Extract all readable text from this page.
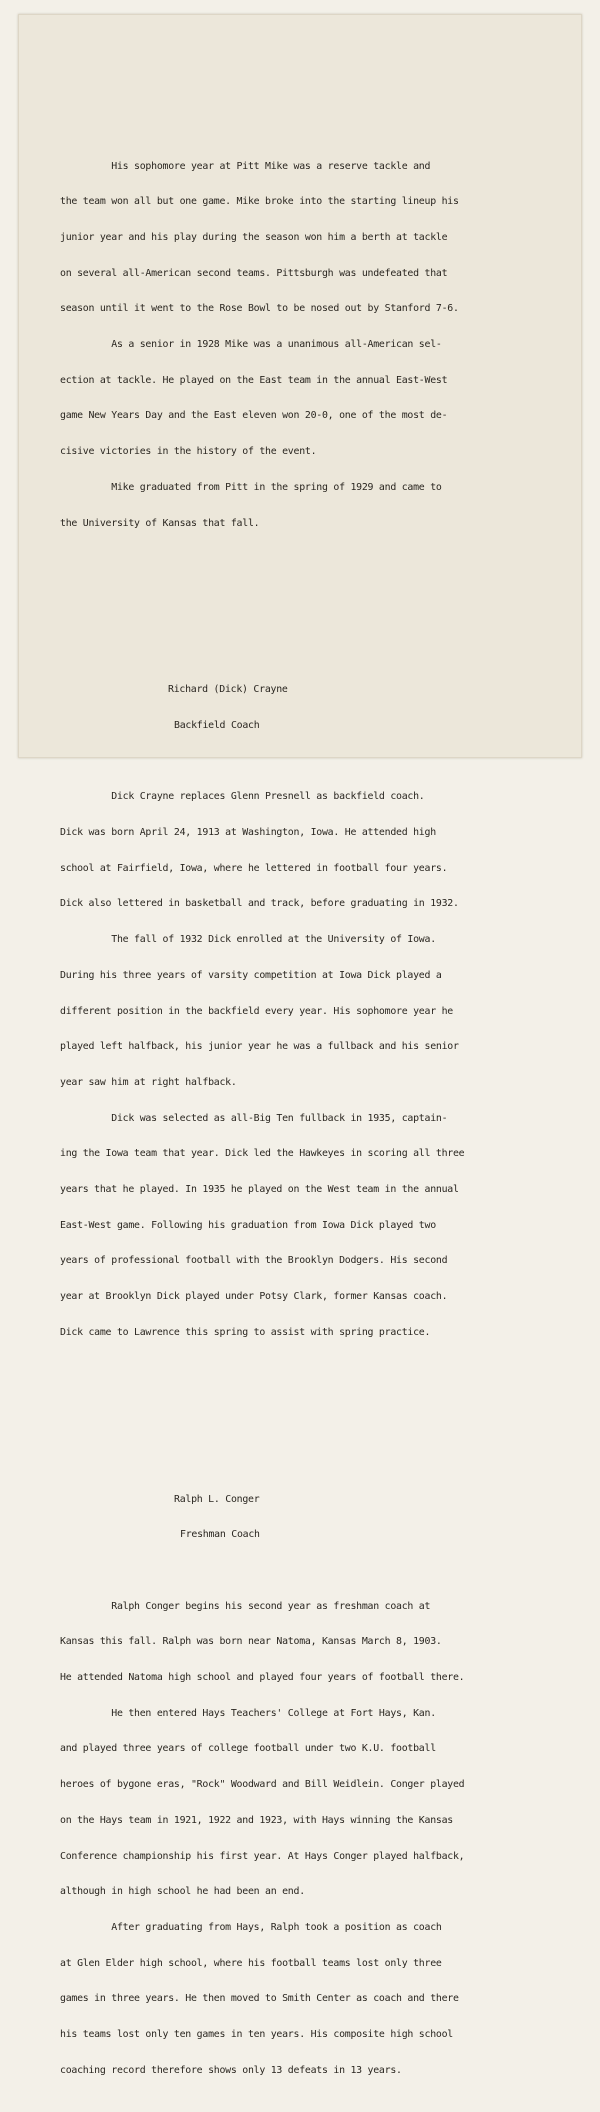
His sophomore year at Pitt Mike was a reserve tackle and

the team won all but one game. Mike broke into the starting lineup his

junior year and his play during the season won him a berth at tackle

on several all-American second teams. Pittsburgh was undefeated that

season until it went to the Rose Bowl to be nosed out by Stanford 7-6.

As a senior in 1928 Mike was a unanimous all-American sel-

ection at tackle. He played on the East team in the annual East-West

game New Years Day and the East eleven won 20-0, one of the most de-

cisive victories in the history of the event.

Mike graduated from Pitt in the spring of 1929 and came to

the University of Kansas that fall.

Richard (Dick) Crayne

Backfield Coach

Dick Crayne replaces Glenn Presnell as backfield coach.

Dick was born April 24, 1913 at Washington, Iowa. He attended high

school at Fairfield, Iowa, where he lettered in football four years.

Dick also lettered in basketball and track, before graduating in 1932.

The fall of 1932 Dick enrolled at the University of Iowa.

During his three years of varsity competition at Iowa Dick played a

different position in the backfield every year. His sophomore year he

played left halfback, his junior year he was a fullback and his senior

year saw him at right halfback.

Dick was selected as all-Big Ten fullback in 1935, captain-

ing the Iowa team that year. Dick led the Hawkeyes in scoring all three

years that he played. In 1935 he played on the West team in the annual

East-West game. Following his graduation from Iowa Dick played two

years of professional football with the Brooklyn Dodgers. His second

year at Brooklyn Dick played under Potsy Clark, former Kansas coach.

Dick came to Lawrence this spring to assist with spring practice.

Ralph L. Conger

Freshman Coach

Ralph Conger begins his second year as freshman coach at

Kansas this fall. Ralph was born near Natoma, Kansas March 8, 1903.

He attended Natoma high school and played four years of football there.

He then entered Hays Teachers' College at Fort Hays, Kan.

and played three years of college football under two K.U. football

heroes of bygone eras, "Rock" Woodward and Bill Weidlein. Conger played

on the Hays team in 1921, 1922 and 1923, with Hays winning the Kansas

Conference championship his first year. At Hays Conger played halfback,

although in high school he had been an end.

After graduating from Hays, Ralph took a position as coach

at Glen Elder high school, where his football teams lost only three

games in three years. He then moved to Smith Center as coach and there

his teams lost only ten games in ten years. His composite high school

coaching record therefore shows only 13 defeats in 13 years.
